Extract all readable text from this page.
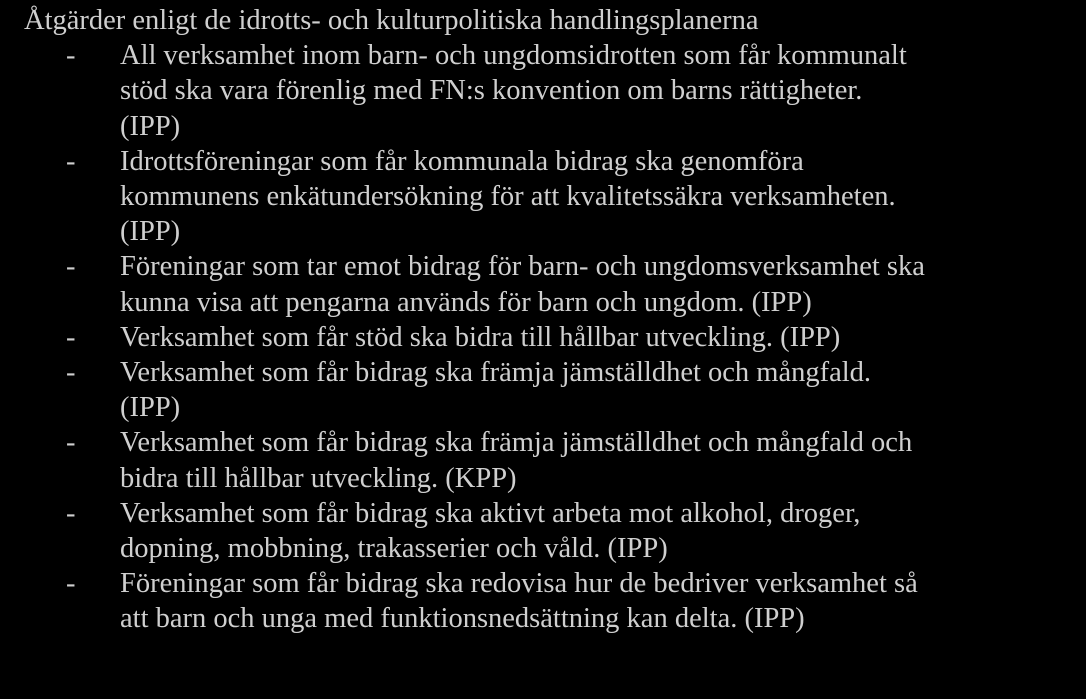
Åtgärder enligt de idrotts- och kulturpolitiska handlingsplanerna

- All verksamhet inom barn- och ungdomsidrotten som får kommunalt
stöd ska vara förenlig med FN:s konvention om barns rättigheter.
(IPP)
- Idrottsföreningar som får kommunala bidrag ska genomföra
kommunens enkätundersökning för att kvalitetssäkra verksamheten.
(IPP)
- Föreningar som tar emot bidrag för barn- och ungdomsverksamhet ska
kunna visa att pengarna används för barn och ungdom. (IPP)
- Verksamhet som får stöd ska bidra till hållbar utveckling. (IPP)
- Verksamhet som får bidrag ska främja jämställdhet och mångfald.
(IPP)
- Verksamhet som får bidrag ska främja jämställdhet och mångfald och
bidra till hållbar utveckling. (KPP)
- Verksamhet som får bidrag ska aktivt arbeta mot alkohol, droger,
dopning, mobbning, trakasserier och våld. (IPP)
- Föreningar som får bidrag ska redovisa hur de bedriver verksamhet så
att barn och unga med funktionsnedsättning kan delta. (IPP)
